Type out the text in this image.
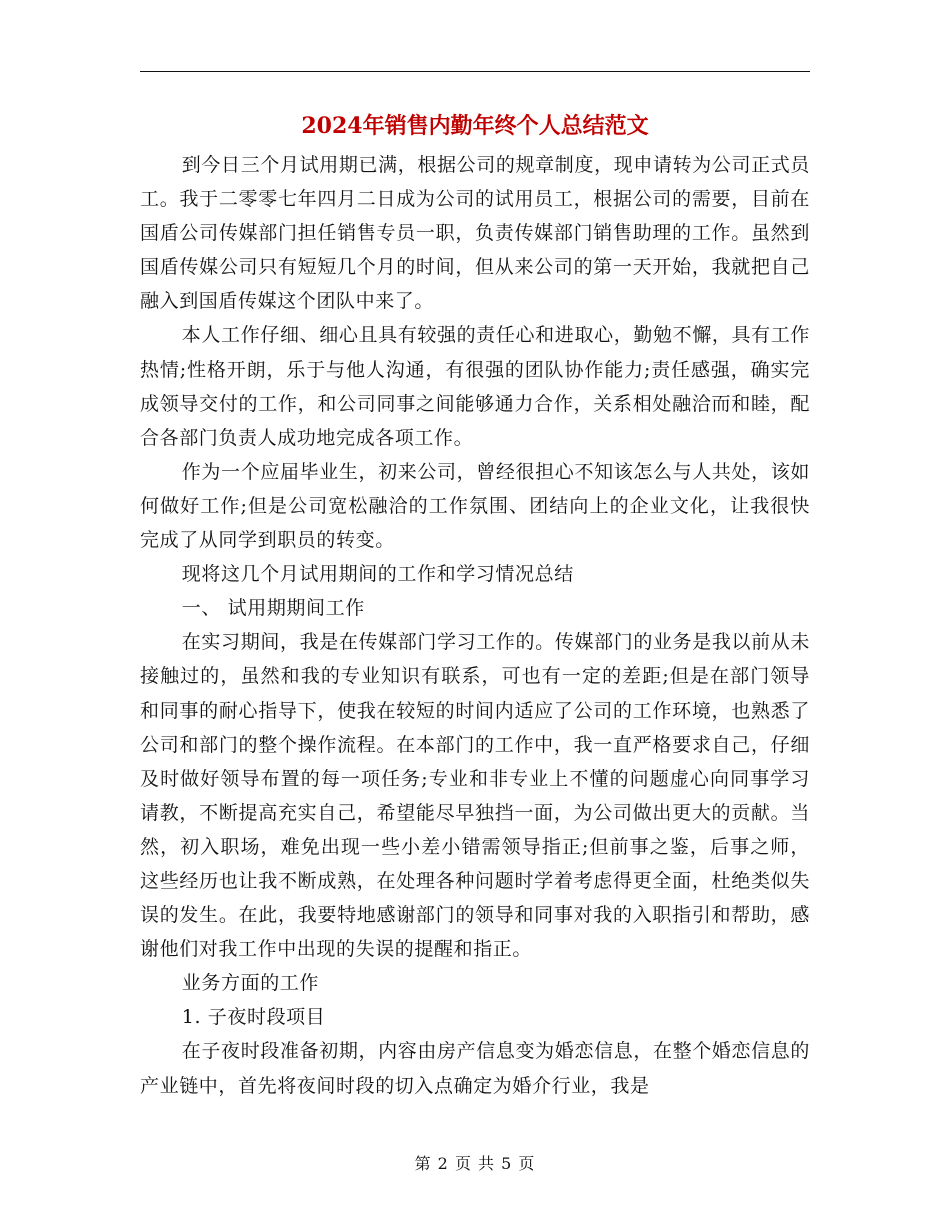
2024年销售内勤年终个人总结范文

到今日三个月试用期已满，根据公司的规章制度，现申请转为公司正式员工。我于二零零七年四月二日成为公司的试用员工，根据公司的需要，目前在国盾公司传媒部门担任销售专员一职，负责传媒部门销售助理的工作。虽然到国盾传媒公司只有短短几个月的时间，但从来公司的第一天开始，我就把自己融入到国盾传媒这个团队中来了。

本人工作仔细、细心且具有较强的责任心和进取心，勤勉不懈，具有工作热情;性格开朗，乐于与他人沟通，有很强的团队协作能力;责任感强，确实完成领导交付的工作，和公司同事之间能够通力合作，关系相处融洽而和睦，配合各部门负责人成功地完成各项工作。

作为一个应届毕业生，初来公司，曾经很担心不知该怎么与人共处，该如何做好工作;但是公司宽松融洽的工作氛围、团结向上的企业文化，让我很快完成了从同学到职员的转变。

现将这几个月试用期间的工作和学习情况总结

一、 试用期期间工作

在实习期间，我是在传媒部门学习工作的。传媒部门的业务是我以前从未接触过的，虽然和我的专业知识有联系，可也有一定的差距;但是在部门领导和同事的耐心指导下，使我在较短的时间内适应了公司的工作环境，也熟悉了公司和部门的整个操作流程。在本部门的工作中，我一直严格要求自己，仔细及时做好领导布置的每一项任务;专业和非专业上不懂的问题虚心向同事学习请教，不断提高充实自己，希望能尽早独挡一面，为公司做出更大的贡献。当然，初入职场，难免出现一些小差小错需领导指正;但前事之鉴，后事之师，这些经历也让我不断成熟，在处理各种问题时学着考虑得更全面，杜绝类似失误的发生。在此，我要特地感谢部门的领导和同事对我的入职指引和帮助，感谢他们对我工作中出现的失误的提醒和指正。

业务方面的工作

1. 子夜时段项目

在子夜时段准备初期，内容由房产信息变为婚恋信息，在整个婚恋信息的产业链中，首先将夜间时段的切入点确定为婚介行业，我是

第 2 页 共 5 页
